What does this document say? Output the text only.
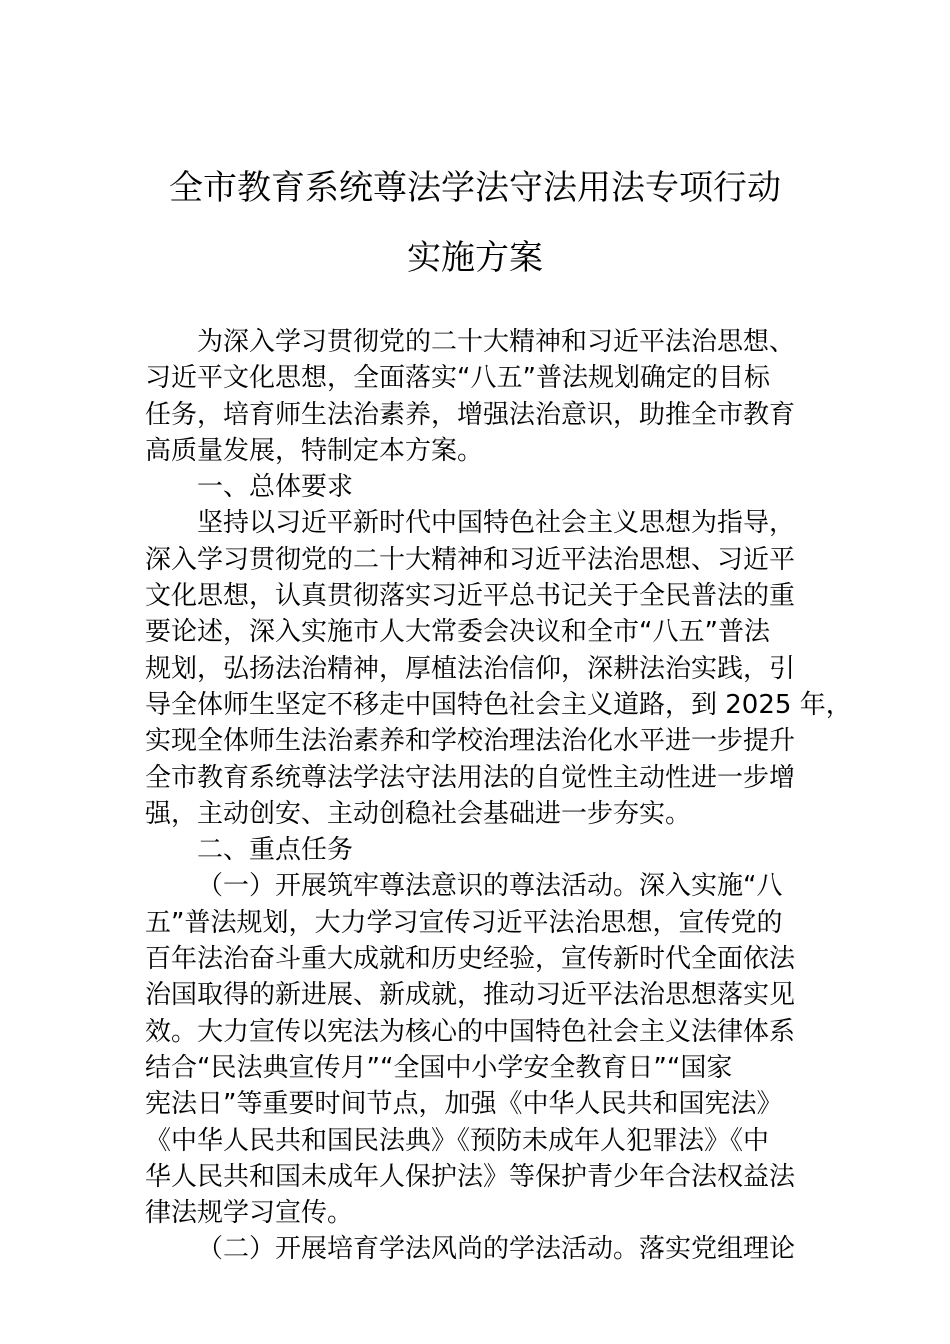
全市教育系统尊法学法守法用法专项行动
实施方案
为深入学习贯彻党的二十大精神和习近平法治思想、
习近平文化思想，全面落实“八五”普法规划确定的目标
任务，培育师生法治素养，增强法治意识，助推全市教育
高质量发展，特制定本方案。
一、总体要求
坚持以习近平新时代中国特色社会主义思想为指导，
深入学习贯彻党的二十大精神和习近平法治思想、习近平
文化思想，认真贯彻落实习近平总书记关于全民普法的重
要论述，深入实施市人大常委会决议和全市“八五”普法
规划，弘扬法治精神，厚植法治信仰，深耕法治实践，引
导全体师生坚定不移走中国特色社会主义道路，到 2025 年，
实现全体师生法治素养和学校治理法治化水平进一步提升
全市教育系统尊法学法守法用法的自觉性主动性进一步增
强，主动创安、主动创稳社会基础进一步夯实。
二、重点任务
（一）开展筑牢尊法意识的尊法活动。深入实施“八
五”普法规划，大力学习宣传习近平法治思想，宣传党的
百年法治奋斗重大成就和历史经验，宣传新时代全面依法
治国取得的新进展、新成就，推动习近平法治思想落实见
效。大力宣传以宪法为核心的中国特色社会主义法律体系
结合“民法典宣传月”“全国中小学安全教育日”“国家
宪法日”等重要时间节点，加强《中华人民共和国宪法》
《中华人民共和国民法典》《预防未成年人犯罪法》《中
华人民共和国未成年人保护法》等保护青少年合法权益法
律法规学习宣传。
（二）开展培育学法风尚的学法活动。落实党组理论
